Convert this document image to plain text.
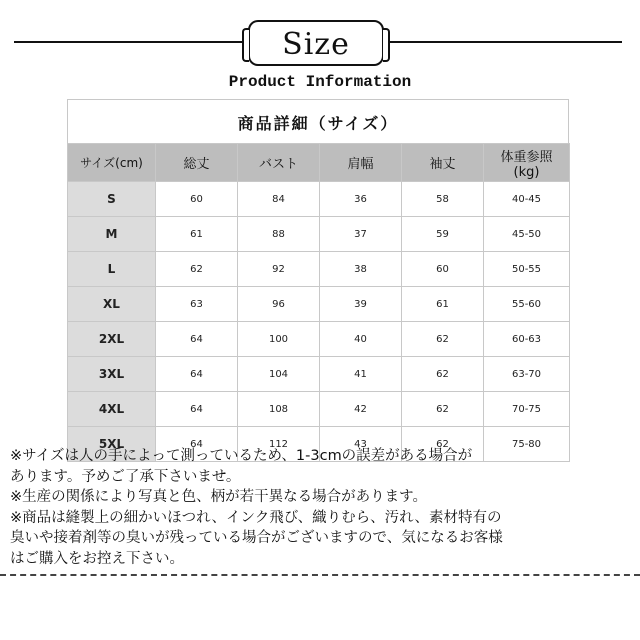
Size
Product Information
商品詳細（サイズ）
サイズ(cm)	総丈	バスト	肩幅	袖丈	体重参照
(kg)
S	60	84	36	58	40-45
M	61	88	37	59	45-50
L	62	92	38	60	50-55
XL	63	96	39	61	55-60
2XL	64	100	40	62	60-63
3XL	64	104	41	62	63-70
4XL	64	108	42	62	70-75
5XL	64	112	43	62	75-80

※サイズは人の手によって測っているため、1-3cmの誤差がある場合が

あります。予めご了承下さいませ。

※生産の関係により写真と色、柄が若干異なる場合があります。

※商品は縫製上の細かいほつれ、インク飛び、織りむら、汚れ、素材特有の

臭いや接着剤等の臭いが残っている場合がございますので、気になるお客様

はご購入をお控え下さい。
